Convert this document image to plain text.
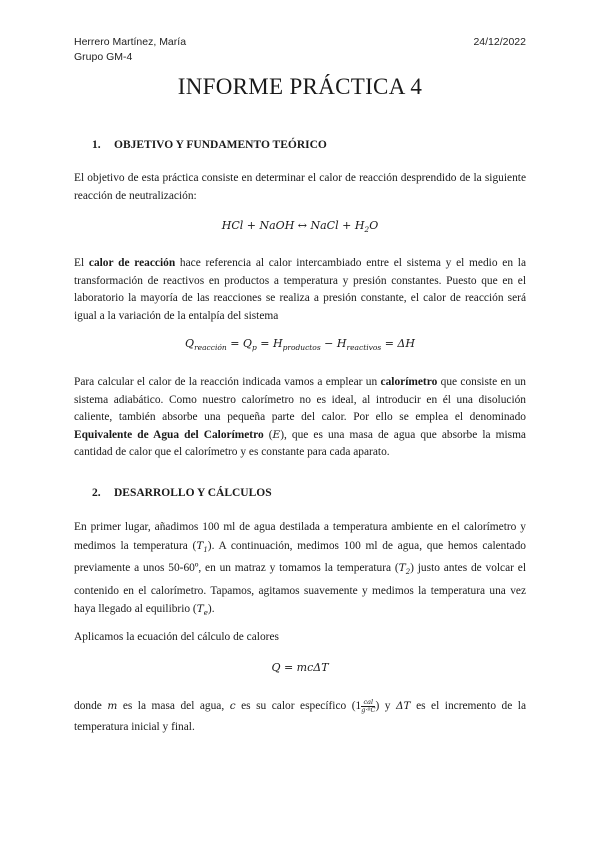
Herrero Martínez, María
Grupo GM-4
24/12/2022
INFORME PRÁCTICA 4
1. OBJETIVO Y FUNDAMENTO TEÓRICO
El objetivo de esta práctica consiste en determinar el calor de reacción desprendido de la siguiente reacción de neutralización:
HCl + NaOH ↔ NaCl + $H_2O$
El calor de reacción hace referencia al calor intercambiado entre el sistema y el medio en la transformación de reactivos en productos a temperatura y presión constantes. Puesto que en el laboratorio la mayoría de las reacciones se realiza a presión constante, el calor de reacción será igual a la variación de la entalpía del sistema
$Q_{reacción} = Q_p = H_{productos} - H_{reactivos} = \Delta H$
Para calcular el calor de la reacción indicada vamos a emplear un calorímetro que consiste en un sistema adiabático. Como nuestro calorímetro no es ideal, al introducir en él una disolución caliente, también absorbe una pequeña parte del calor. Por ello se emplea el denominado Equivalente de Agua del Calorímetro (E), que es una masa de agua que absorbe la misma cantidad de calor que el calorímetro y es constante para cada aparato.
2. DESARROLLO Y CÁLCULOS
En primer lugar, añadimos 100 ml de agua destilada a temperatura ambiente en el calorímetro y medimos la temperatura $(T_1)$. A continuación, medimos 100 ml de agua, que hemos calentado previamente a unos 50-60º, en un matraz y tomamos la temperatura $(T_2)$ justo antes de volcar el contenido en el calorímetro. Tapamos, agitamos suavemente y medimos la temperatura una vez haya llegado al equilibrio $(T_e)$.
Aplicamos la ecuación del cálculo de calores
Q = mcΔT
donde m es la masa del agua, c es su calor específico ($1 \frac{\text{cal}}{\text{g·ºC}}$ ) y ΔT es el incremento de la temperatura inicial y final.
